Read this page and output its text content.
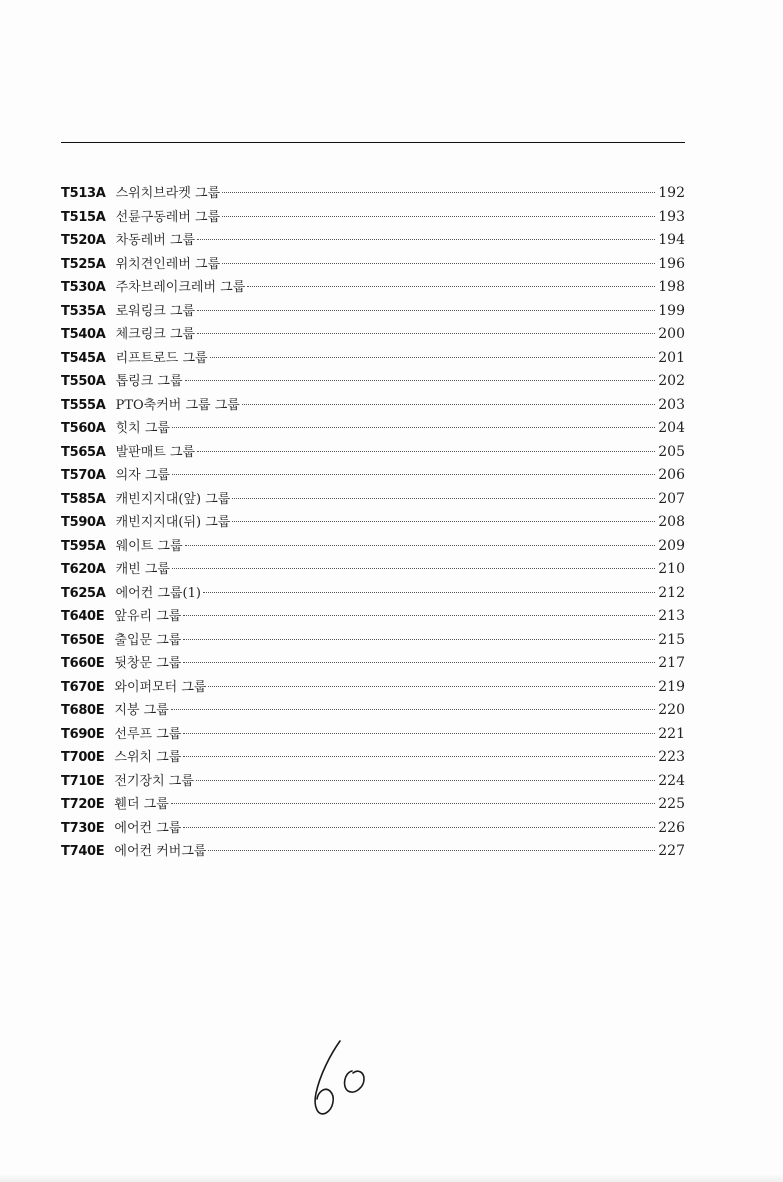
T513A 스위치브라켓 그룹	192
T515A 선륜구동레버 그룹	193
T520A 차동레버 그룹	194
T525A 위치견인레버 그룹	196
T530A 주차브레이크레버 그룹	198
T535A 로워링크 그룹	199
T540A 체크링크 그룹	200
T545A 리프트로드 그룹	201
T550A 톱링크 그룹	202
T555A PTO축커버 그룹 그룹	203
T560A 힛치 그룹	204
T565A 발판매트 그룹	205
T570A 의자 그룹	206
T585A 캐빈지지대(앞) 그룹	207
T590A 캐빈지지대(뒤) 그룹	208
T595A 웨이트 그룹	209
T620A 캐빈 그룹	210
T625A 에어컨 그룹(1)	212
T640E 앞유리 그룹	213
T650E 출입문 그룹	215
T660E 뒷창문 그룹	217
T670E 와이퍼모터 그룹	219
T680E 지붕 그룹	220
T690E 선루프 그룹	221
T700E 스위치 그룹	223
T710E 전기장치 그룹	224
T720E 휀더 그룹	225
T730E 에어컨 그룹	226
T740E 에어컨 커버그룹	227
